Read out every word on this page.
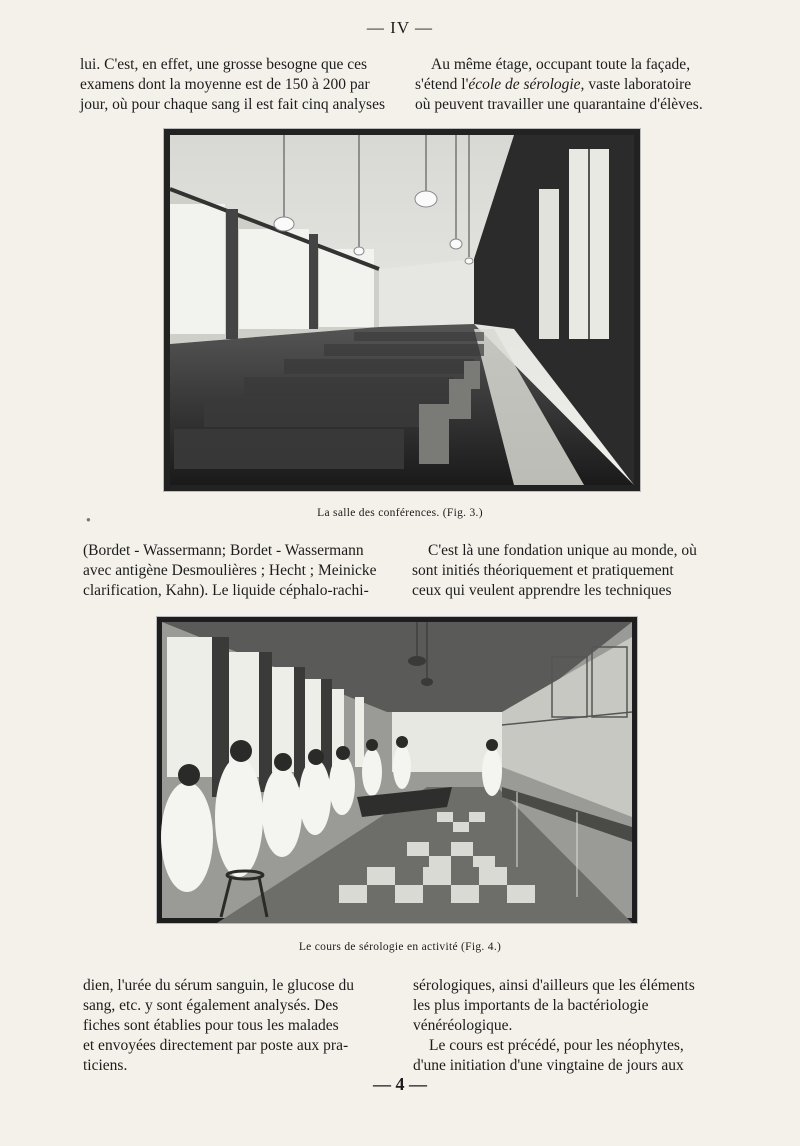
— IV —

lui. C'est, en effet, une grosse besogne que ces

examens dont la moyenne est de 150 à 200 par

jour, où pour chaque sang il est fait cinq analyses

Au même étage, occupant toute la façade,

s'étend l'école de sérologie, vaste laboratoire

où peuvent travailler une quarantaine d'élèves.

La salle des conférences. (Fig. 3.)
●

(Bordet - Wassermann; Bordet - Wassermann

avec antigène Desmoulières ; Hecht ; Meinicke

clarification, Kahn). Le liquide céphalo-rachi-

C'est là une fondation unique au monde, où

sont initiés théoriquement et pratiquement

ceux qui veulent apprendre les techniques

Le cours de sérologie en activité (Fig. 4.)

dien, l'urée du sérum sanguin, le glucose du

sang, etc. y sont également analysés. Des

fiches sont établies pour tous les malades

et envoyées directement par poste aux pra-

ticiens.

sérologiques, ainsi d'ailleurs que les éléments

les plus importants de la bactériologie vénéréologique.

Le cours est précédé, pour les néophytes,

d'une initiation d'une vingtaine de jours aux

— 4 —
